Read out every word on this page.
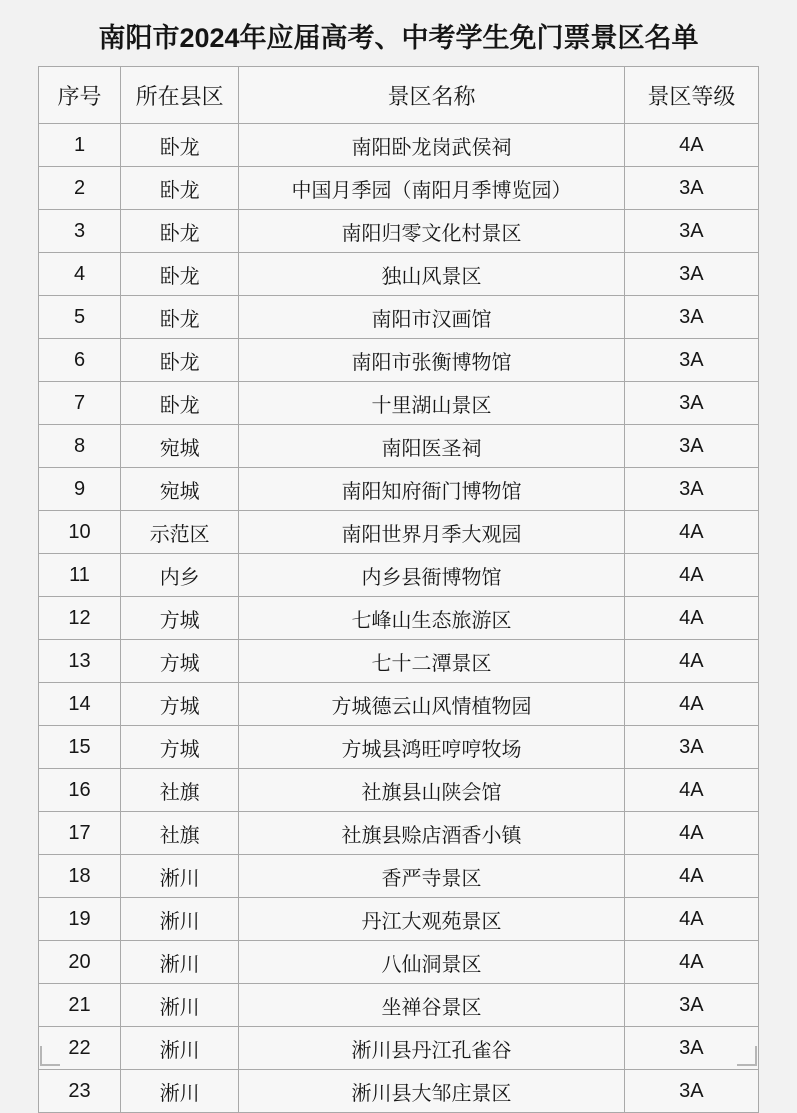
南阳市2024年应届高考、中考学生免门票景区名单
序号	所在县区	景区名称	景区等级
1	卧龙	南阳卧龙岗武侯祠	4A
2	卧龙	中国月季园（南阳月季博览园）	3A
3	卧龙	南阳归零文化村景区	3A
4	卧龙	独山风景区	3A
5	卧龙	南阳市汉画馆	3A
6	卧龙	南阳市张衡博物馆	3A
7	卧龙	十里湖山景区	3A
8	宛城	南阳医圣祠	3A
9	宛城	南阳知府衙门博物馆	3A
10	示范区	南阳世界月季大观园	4A
11	内乡	内乡县衙博物馆	4A
12	方城	七峰山生态旅游区	4A
13	方城	七十二潭景区	4A
14	方城	方城德云山风情植物园	4A
15	方城	方城县鸿旺哼哼牧场	3A
16	社旗	社旗县山陕会馆	4A
17	社旗	社旗县赊店酒香小镇	4A
18	淅川	香严寺景区	4A
19	淅川	丹江大观苑景区	4A
20	淅川	八仙洞景区	4A
21	淅川	坐禅谷景区	3A
22	淅川	淅川县丹江孔雀谷	3A
23	淅川	淅川县大邹庄景区	3A
